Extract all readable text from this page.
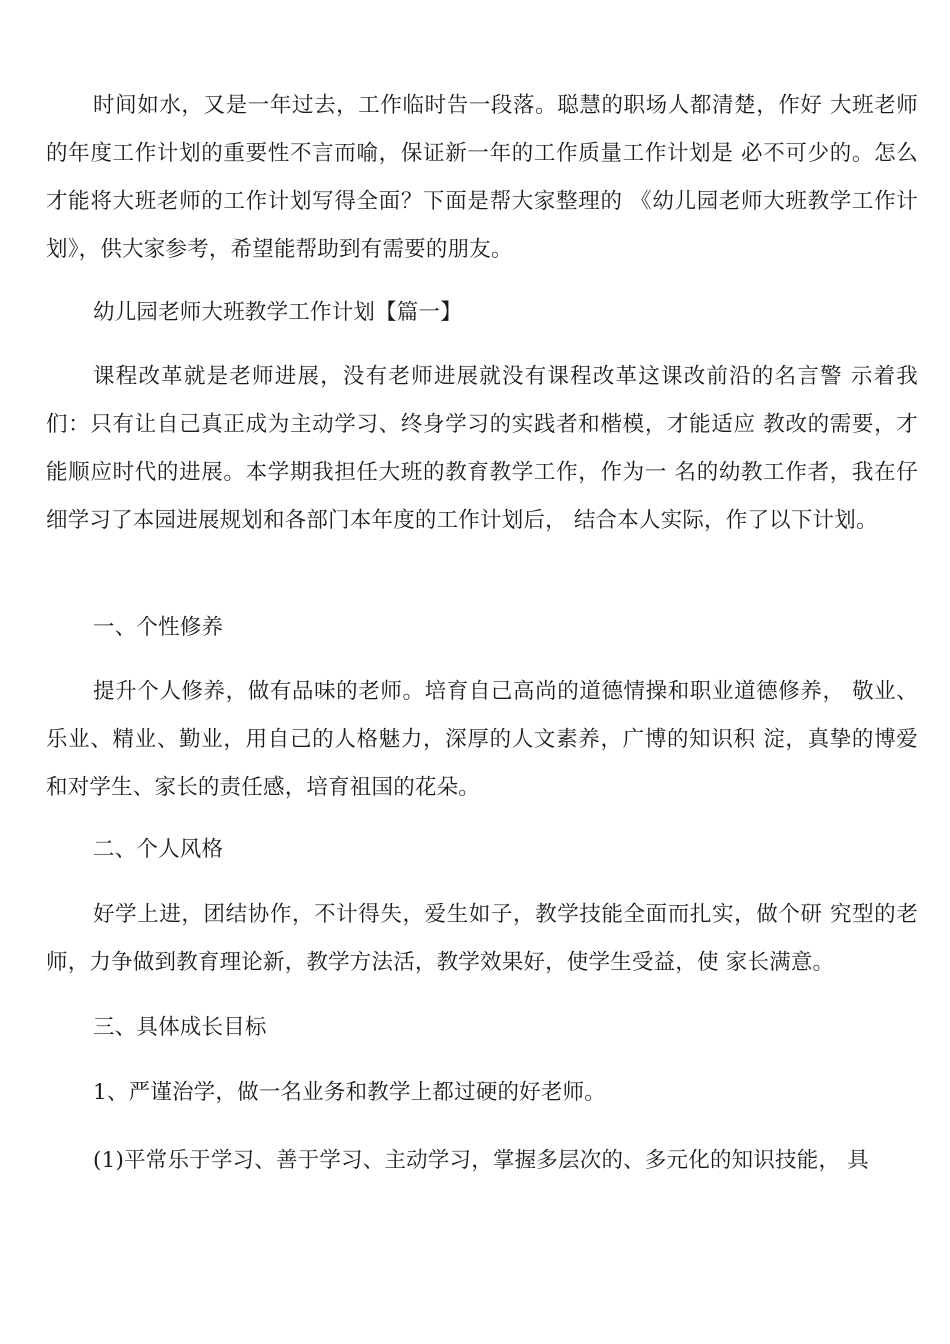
时间如水，又是一年过去，工作临时告一段落。聪慧的职场人都清楚，作好 大班老师的年度工作计划的重要性不言而喻，保证新一年的工作质量工作计划是 必不可少的。怎么才能将大班老师的工作计划写得全面？下面是帮大家整理的 《幼儿园老师大班教学工作计划》，供大家参考，希望能帮助到有需要的朋友。

幼儿园老师大班教学工作计划【篇一】

课程改革就是老师进展，没有老师进展就没有课程改革这课改前沿的名言警 示着我们：只有让自己真正成为主动学习、终身学习的实践者和楷模，才能适应 教改的需要，才能顺应时代的进展。本学期我担任大班的教育教学工作，作为一 名的幼教工作者，我在仔细学习了本园进展规划和各部门本年度的工作计划后， 结合本人实际，作了以下计划。

一、个性修养

提升个人修养，做有品味的老师。培育自己高尚的道德情操和职业道德修养， 敬业、乐业、精业、勤业，用自己的人格魅力，深厚的人文素养，广博的知识积 淀，真挚的博爱和对学生、家长的责任感，培育祖国的花朵。

二、个人风格

好学上进，团结协作，不计得失，爱生如子，教学技能全面而扎实，做个研 究型的老师，力争做到教育理论新，教学方法活，教学效果好，使学生受益，使 家长满意。

三、具体成长目标

1、严谨治学，做一名业务和教学上都过硬的好老师。

(1)平常乐于学习、善于学习、主动学习，掌握多层次的、多元化的知识技能， 具
